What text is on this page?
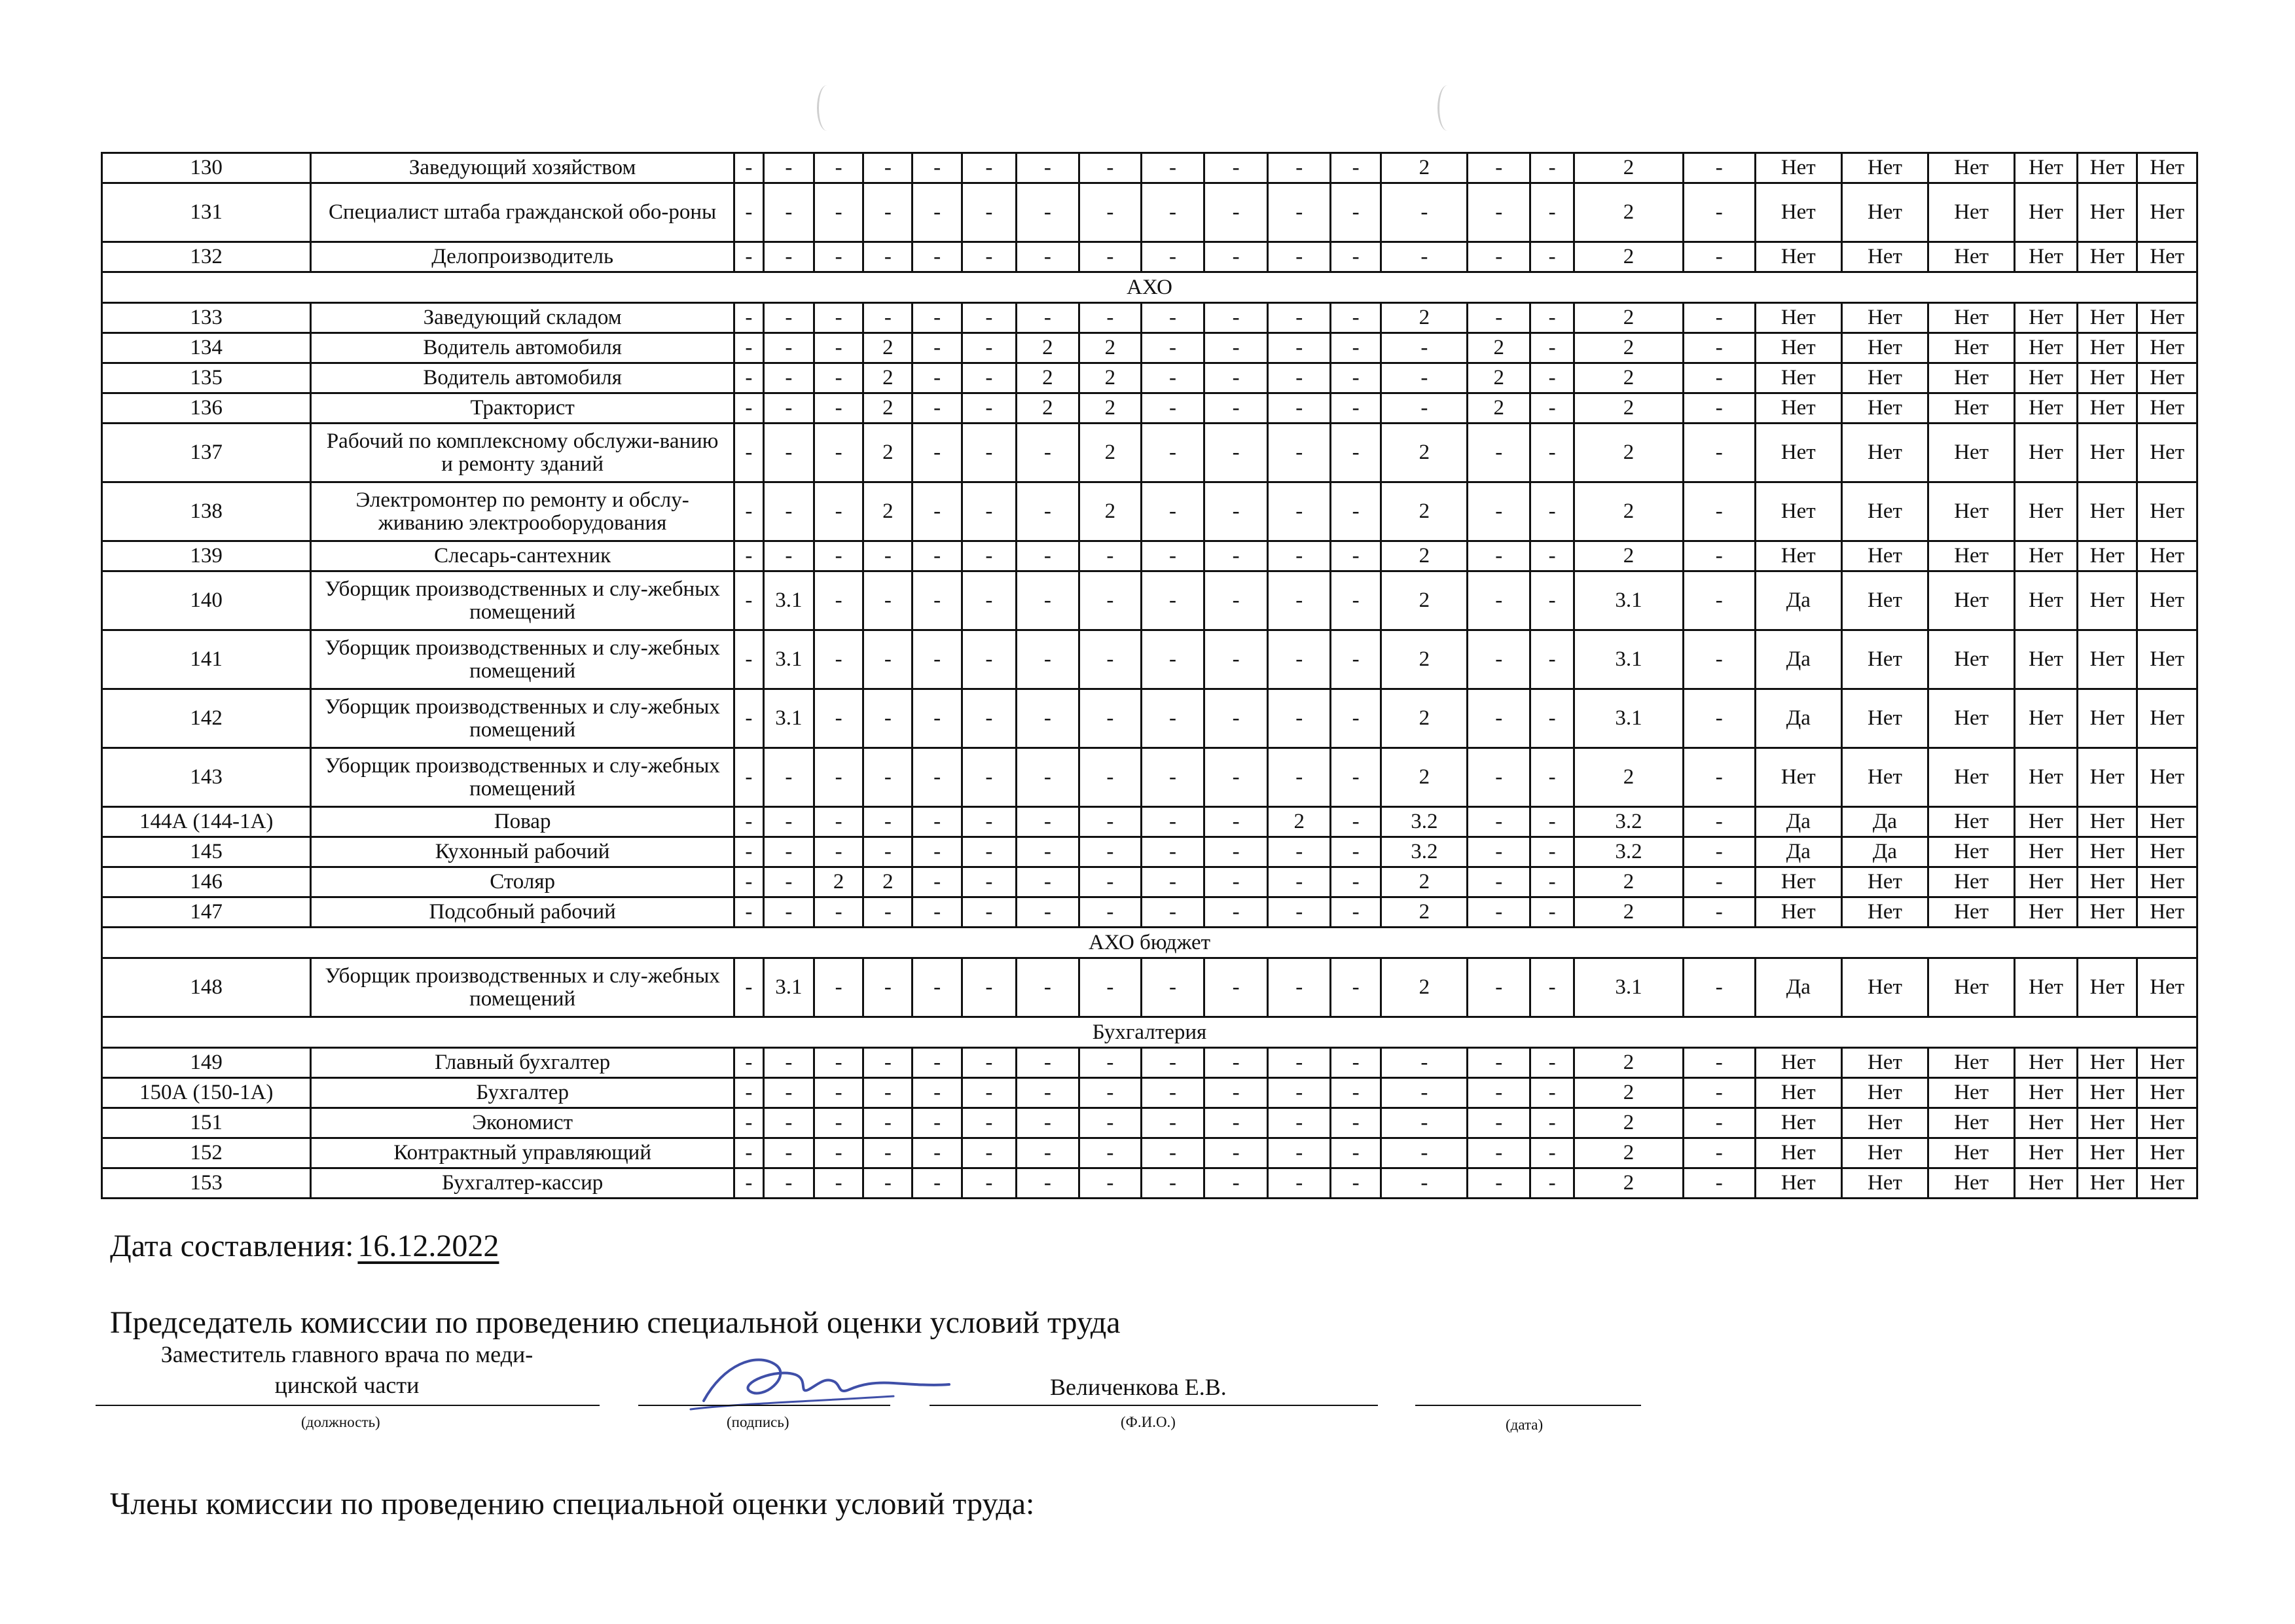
130	Заведующий хозяйством	-	-	-	-	-	-	-	-	-	-	-	-	2	-	-	2	-	Нет	Нет	Нет	Нет	Нет	Нет
131	Специалист штаба гражданской обо-роны	-	-	-	-	-	-	-	-	-	-	-	-	-	-	-	2	-	Нет	Нет	Нет	Нет	Нет	Нет
132	Делопроизводитель	-	-	-	-	-	-	-	-	-	-	-	-	-	-	-	2	-	Нет	Нет	Нет	Нет	Нет	Нет
АХО																								
133	Заведующий складом	-	-	-	-	-	-	-	-	-	-	-	-	2	-	-	2	-	Нет	Нет	Нет	Нет	Нет	Нет
134	Водитель автомобиля	-	-	-	2	-	-	2	2	-	-	-	-	-	2	-	2	-	Нет	Нет	Нет	Нет	Нет	Нет
135	Водитель автомобиля	-	-	-	2	-	-	2	2	-	-	-	-	-	2	-	2	-	Нет	Нет	Нет	Нет	Нет	Нет
136	Тракторист	-	-	-	2	-	-	2	2	-	-	-	-	-	2	-	2	-	Нет	Нет	Нет	Нет	Нет	Нет
137	Рабочий по комплексному обслужи-ванию и ремонту зданий	-	-	-	2	-	-	-	2	-	-	-	-	2	-	-	2	-	Нет	Нет	Нет	Нет	Нет	Нет
138	Электромонтер по ремонту и обслу-живанию электрооборудования	-	-	-	2	-	-	-	2	-	-	-	-	2	-	-	2	-	Нет	Нет	Нет	Нет	Нет	Нет
139	Слесарь-сантехник	-	-	-	-	-	-	-	-	-	-	-	-	2	-	-	2	-	Нет	Нет	Нет	Нет	Нет	Нет
140	Уборщик производственных и слу-жебных помещений	-	3.1	-	-	-	-	-	-	-	-	-	-	2	-	-	3.1	-	Да	Нет	Нет	Нет	Нет	Нет
141	Уборщик производственных и слу-жебных помещений	-	3.1	-	-	-	-	-	-	-	-	-	-	2	-	-	3.1	-	Да	Нет	Нет	Нет	Нет	Нет
142	Уборщик производственных и слу-жебных помещений	-	3.1	-	-	-	-	-	-	-	-	-	-	2	-	-	3.1	-	Да	Нет	Нет	Нет	Нет	Нет
143	Уборщик производственных и слу-жебных помещений	-	-	-	-	-	-	-	-	-	-	-	-	2	-	-	2	-	Нет	Нет	Нет	Нет	Нет	Нет
144А (144-1А)	Повар	-	-	-	-	-	-	-	-	-	-	2	-	3.2	-	-	3.2	-	Да	Да	Нет	Нет	Нет	Нет
145	Кухонный рабочий	-	-	-	-	-	-	-	-	-	-	-	-	3.2	-	-	3.2	-	Да	Да	Нет	Нет	Нет	Нет
146	Столяр	-	-	2	2	-	-	-	-	-	-	-	-	2	-	-	2	-	Нет	Нет	Нет	Нет	Нет	Нет
147	Подсобный рабочий	-	-	-	-	-	-	-	-	-	-	-	-	2	-	-	2	-	Нет	Нет	Нет	Нет	Нет	Нет
АХО бюджет																								
148	Уборщик производственных и слу-жебных помещений	-	3.1	-	-	-	-	-	-	-	-	-	-	2	-	-	3.1	-	Да	Нет	Нет	Нет	Нет	Нет
Бухгалтерия																								
149	Главный бухгалтер	-	-	-	-	-	-	-	-	-	-	-	-	-	-	-	2	-	Нет	Нет	Нет	Нет	Нет	Нет
150А (150-1А)	Бухгалтер	-	-	-	-	-	-	-	-	-	-	-	-	-	-	-	2	-	Нет	Нет	Нет	Нет	Нет	Нет
151	Экономист	-	-	-	-	-	-	-	-	-	-	-	-	-	-	-	2	-	Нет	Нет	Нет	Нет	Нет	Нет
152	Контрактный управляющий	-	-	-	-	-	-	-	-	-	-	-	-	-	-	-	2	-	Нет	Нет	Нет	Нет	Нет	Нет
153	Бухгалтер-кассир	-	-	-	-	-	-	-	-	-	-	-	-	-	-	-	2	-	Нет	Нет	Нет	Нет	Нет	Нет
Дата составления: 16.12.2022
Председатель комиссии по проведению специальной оценки условий труда
Заместитель главного врача по меди-
цинской части
(должность)	(подпись)
Величенкова Е.В.
(Ф.И.О.)	(дата)
Члены комиссии по проведению специальной оценки условий труда:
